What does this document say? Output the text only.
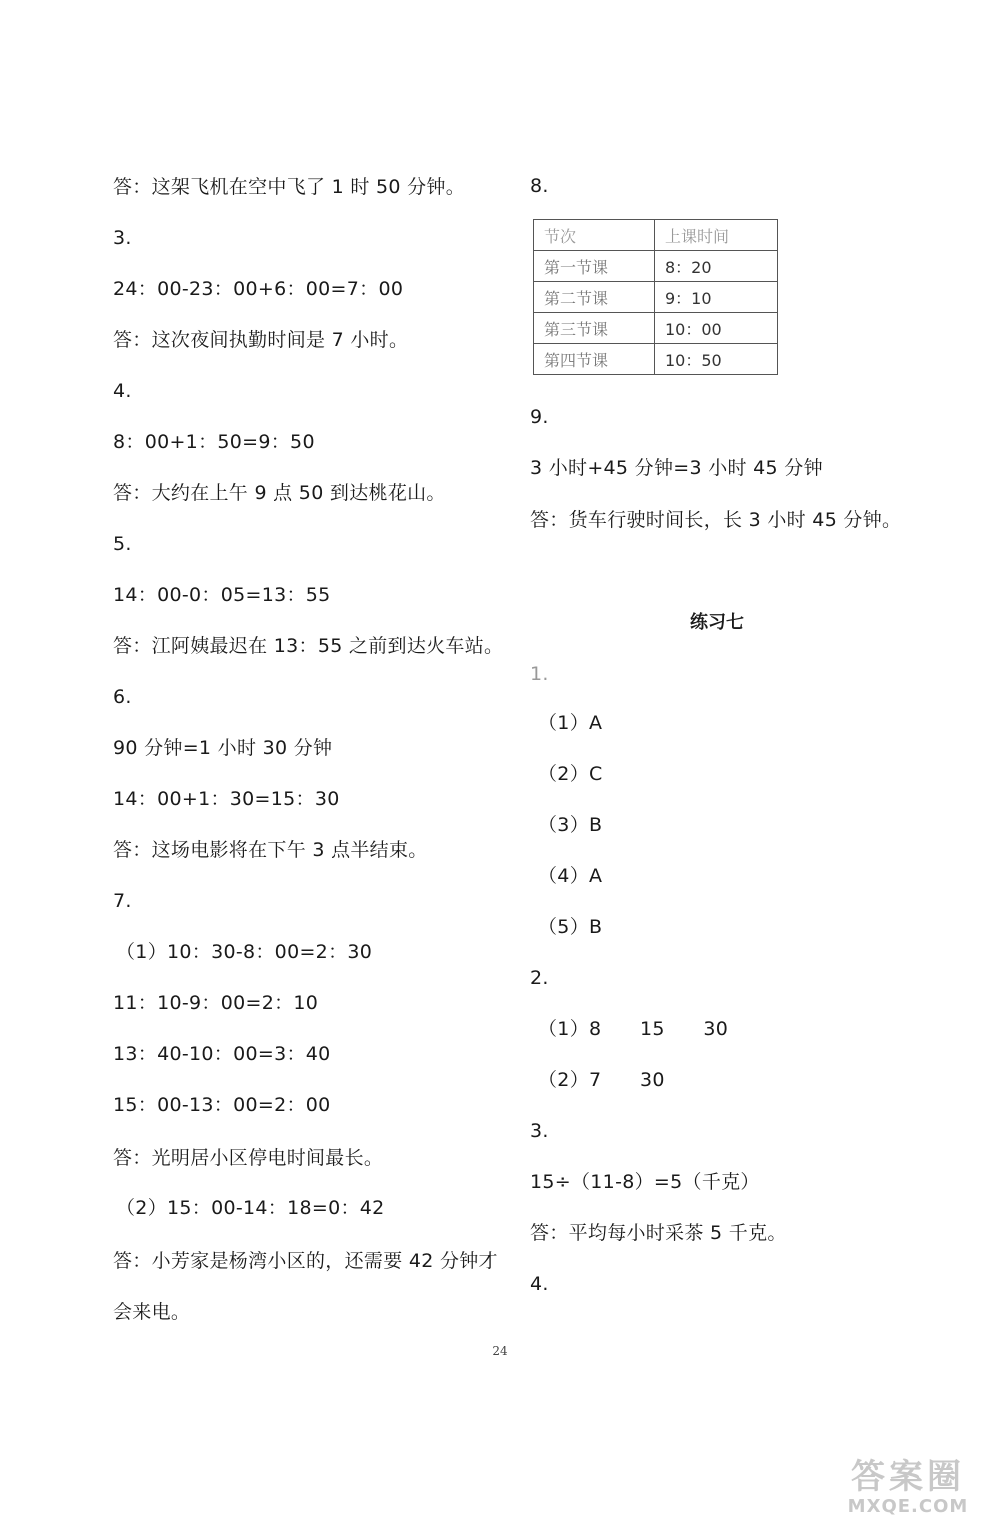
答：这架飞机在空中飞了 1 时 50 分钟。
3.
24：00-23：00+6：00=7：00
答：这次夜间执勤时间是 7 小时。
4.
8：00+1：50=9：50
答：大约在上午 9 点 50 到达桃花山。
5.
14：00-0：05=13：55
答：江阿姨最迟在 13：55 之前到达火车站。
6.
90 分钟=1 小时 30 分钟
14：00+1：30=15：30
答：这场电影将在下午 3 点半结束。
7.
（1）10：30-8：00=2：30
11：10-9：00=2：10
13：40-10：00=3：40
15：00-13：00=2：00
答：光明居小区停电时间最长。
（2）15：00-14：18=0：42
答：小芳家是杨湾小区的，还需要 42 分钟才
会来电。
8.
节次	上课时间
第一节课	8：20
第二节课	9：10
第三节课	10：00
第四节课	10：50
9.
3 小时+45 分钟=3 小时 45 分钟
答：货车行驶时间长，长 3 小时 45 分钟。
练习七
1.
（1）A
（2）C
（3）B
（4）A
（5）B
2.
（1）8　　15　　30
（2）7　　30
3.
15÷（11-8）=5（千克）
答：平均每小时采茶 5 千克。
4.
24
答案圈
MXQE.COM
